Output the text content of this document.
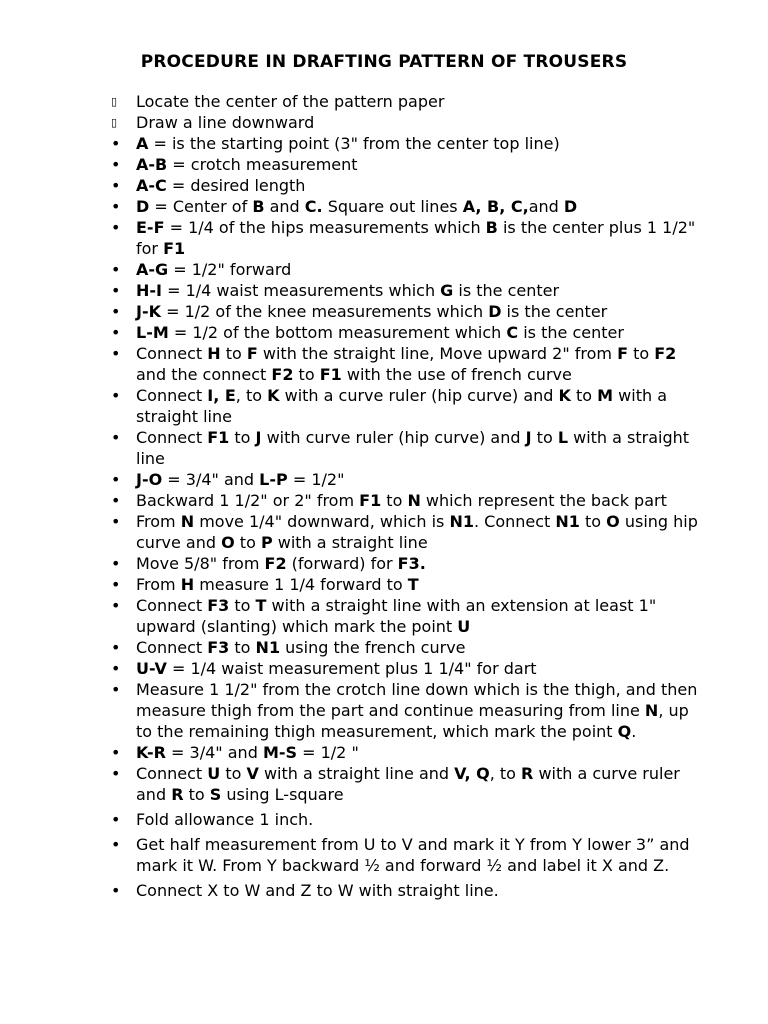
PROCEDURE IN DRAFTING PATTERN OF TROUSERS
▯	Locate the center of the pattern paper
▯	Draw a line downward
• A = is the starting point (3" from the center top line)
• A-B = crotch measurement
• A-C = desired length
• D = Center of B and C. Square out lines A, B, C,and D
• E-F = 1/4 of the hips measurements which B is the center plus 1 1/2" for F1
• A-G = 1/2" forward
• H-I = 1/4 waist measurements which G is the center
• J-K = 1/2 of the knee measurements which D is the center
• L-M = 1/2 of the bottom measurement which C is the center
• Connect H to F with the straight line, Move upward 2" from F to F2 and the connect F2 to F1 with the use of french curve
• Connect I, E, to K with a curve ruler (hip curve) and K to M with a straight line
• Connect F1 to J with curve ruler (hip curve) and J to L with a straight line
• J-O = 3/4" and L-P = 1/2"
• Backward 1 1/2" or 2" from F1 to N which represent the back part
• From N move 1/4" downward, which is N1. Connect N1 to O using hip curve and O to P with a straight line
• Move 5/8" from F2 (forward) for F3.
• From H measure 1 1/4 forward to T
• Connect F3 to T with a straight line with an extension at least 1" upward (slanting) which mark the point U
• Connect F3 to N1 using the french curve
• U-V = 1/4 waist measurement plus 1 1/4" for dart
• Measure 1 1/2" from the crotch line down which is the thigh, and then measure thigh from the part and continue measuring from line N, up to the remaining thigh measurement, which mark the point Q.
• K-R = 3/4" and M-S = 1/2 "
• Connect U to V with a straight line and V, Q, to R with a curve ruler and R to S using L-square
• Fold allowance 1 inch.
• Get half measurement from U to V and mark it Y from Y lower 3” and mark it W. From Y backward ½ and forward ½ and label it X and Z.
• Connect X to W and Z to W with straight line.
